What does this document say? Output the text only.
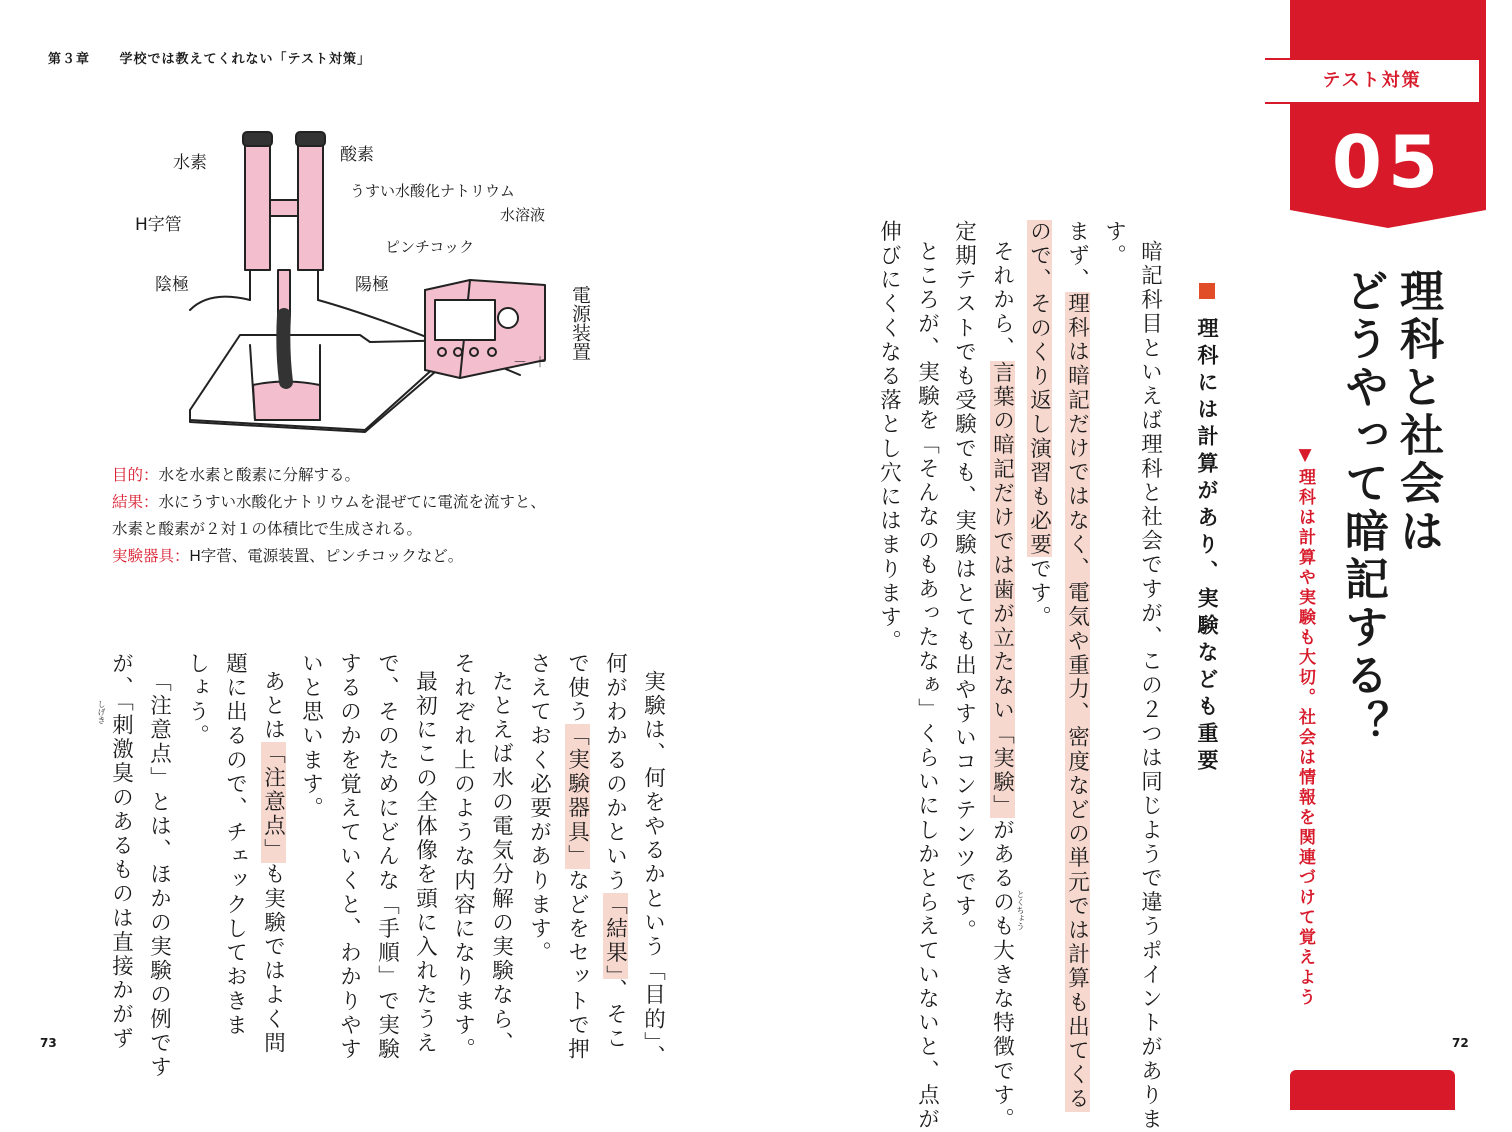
第３章 学校では教えてくれない「テスト対策」
テスト対策
05
理科と社会は
どうやって暗記する？
▼理科は計算や実験も大切。社会は情報を関連づけて覚えよう
理科には計算があり、実験なども重要
暗記科目といえば理科と社会ですが、この２つは同じようで違うポイントがありま
す。
まず、理科は暗記だけではなく、電気や重力、密度などの単元では計算も出てくる
ので、そのくり返し演習も必要です。
それから、言葉の暗記だけでは歯が立たない「実験」があるのも大きな特徴です。 とくちょう
定期テストでも受験でも、実験はとても出やすいコンテンツです。
ところが、実験を「そんなのもあったなぁ」くらいにしかとらえていないと、点が
伸びにくくなる落とし穴にはまります。
実験は、何をやるかという「目的」、
何がわかるのかという「結果」、そこ
で使う「実験器具」などをセットで押
さえておく必要があります。
たとえば水の電気分解の実験なら、
それぞれ上のような内容になります。
最初にこの全体像を頭に入れたうえ
で、そのためにどんな「手順」で実験
するのかを覚えていくと、わかりやす
いと思います。
あとは「注意点」も実験ではよく問
題に出るので、チェックしておきま
しょう。
「注意点」とは、ほかの実験の例です
が、「刺激臭のあるものは直接かがず
しげき
水素	酸素
うすい水酸化ナトリウム
水溶液
H字管
ピンチコック
陰極	陽極	電源装置
－ ＋
目的：水を水素と酸素に分解する。
結果：水にうすい水酸化ナトリウムを混ぜてに電流を流すと、
水素と酸素が２対１の体積比で生成される。
実験器具：H字菅、電源装置、ピンチコックなど。
73	72
